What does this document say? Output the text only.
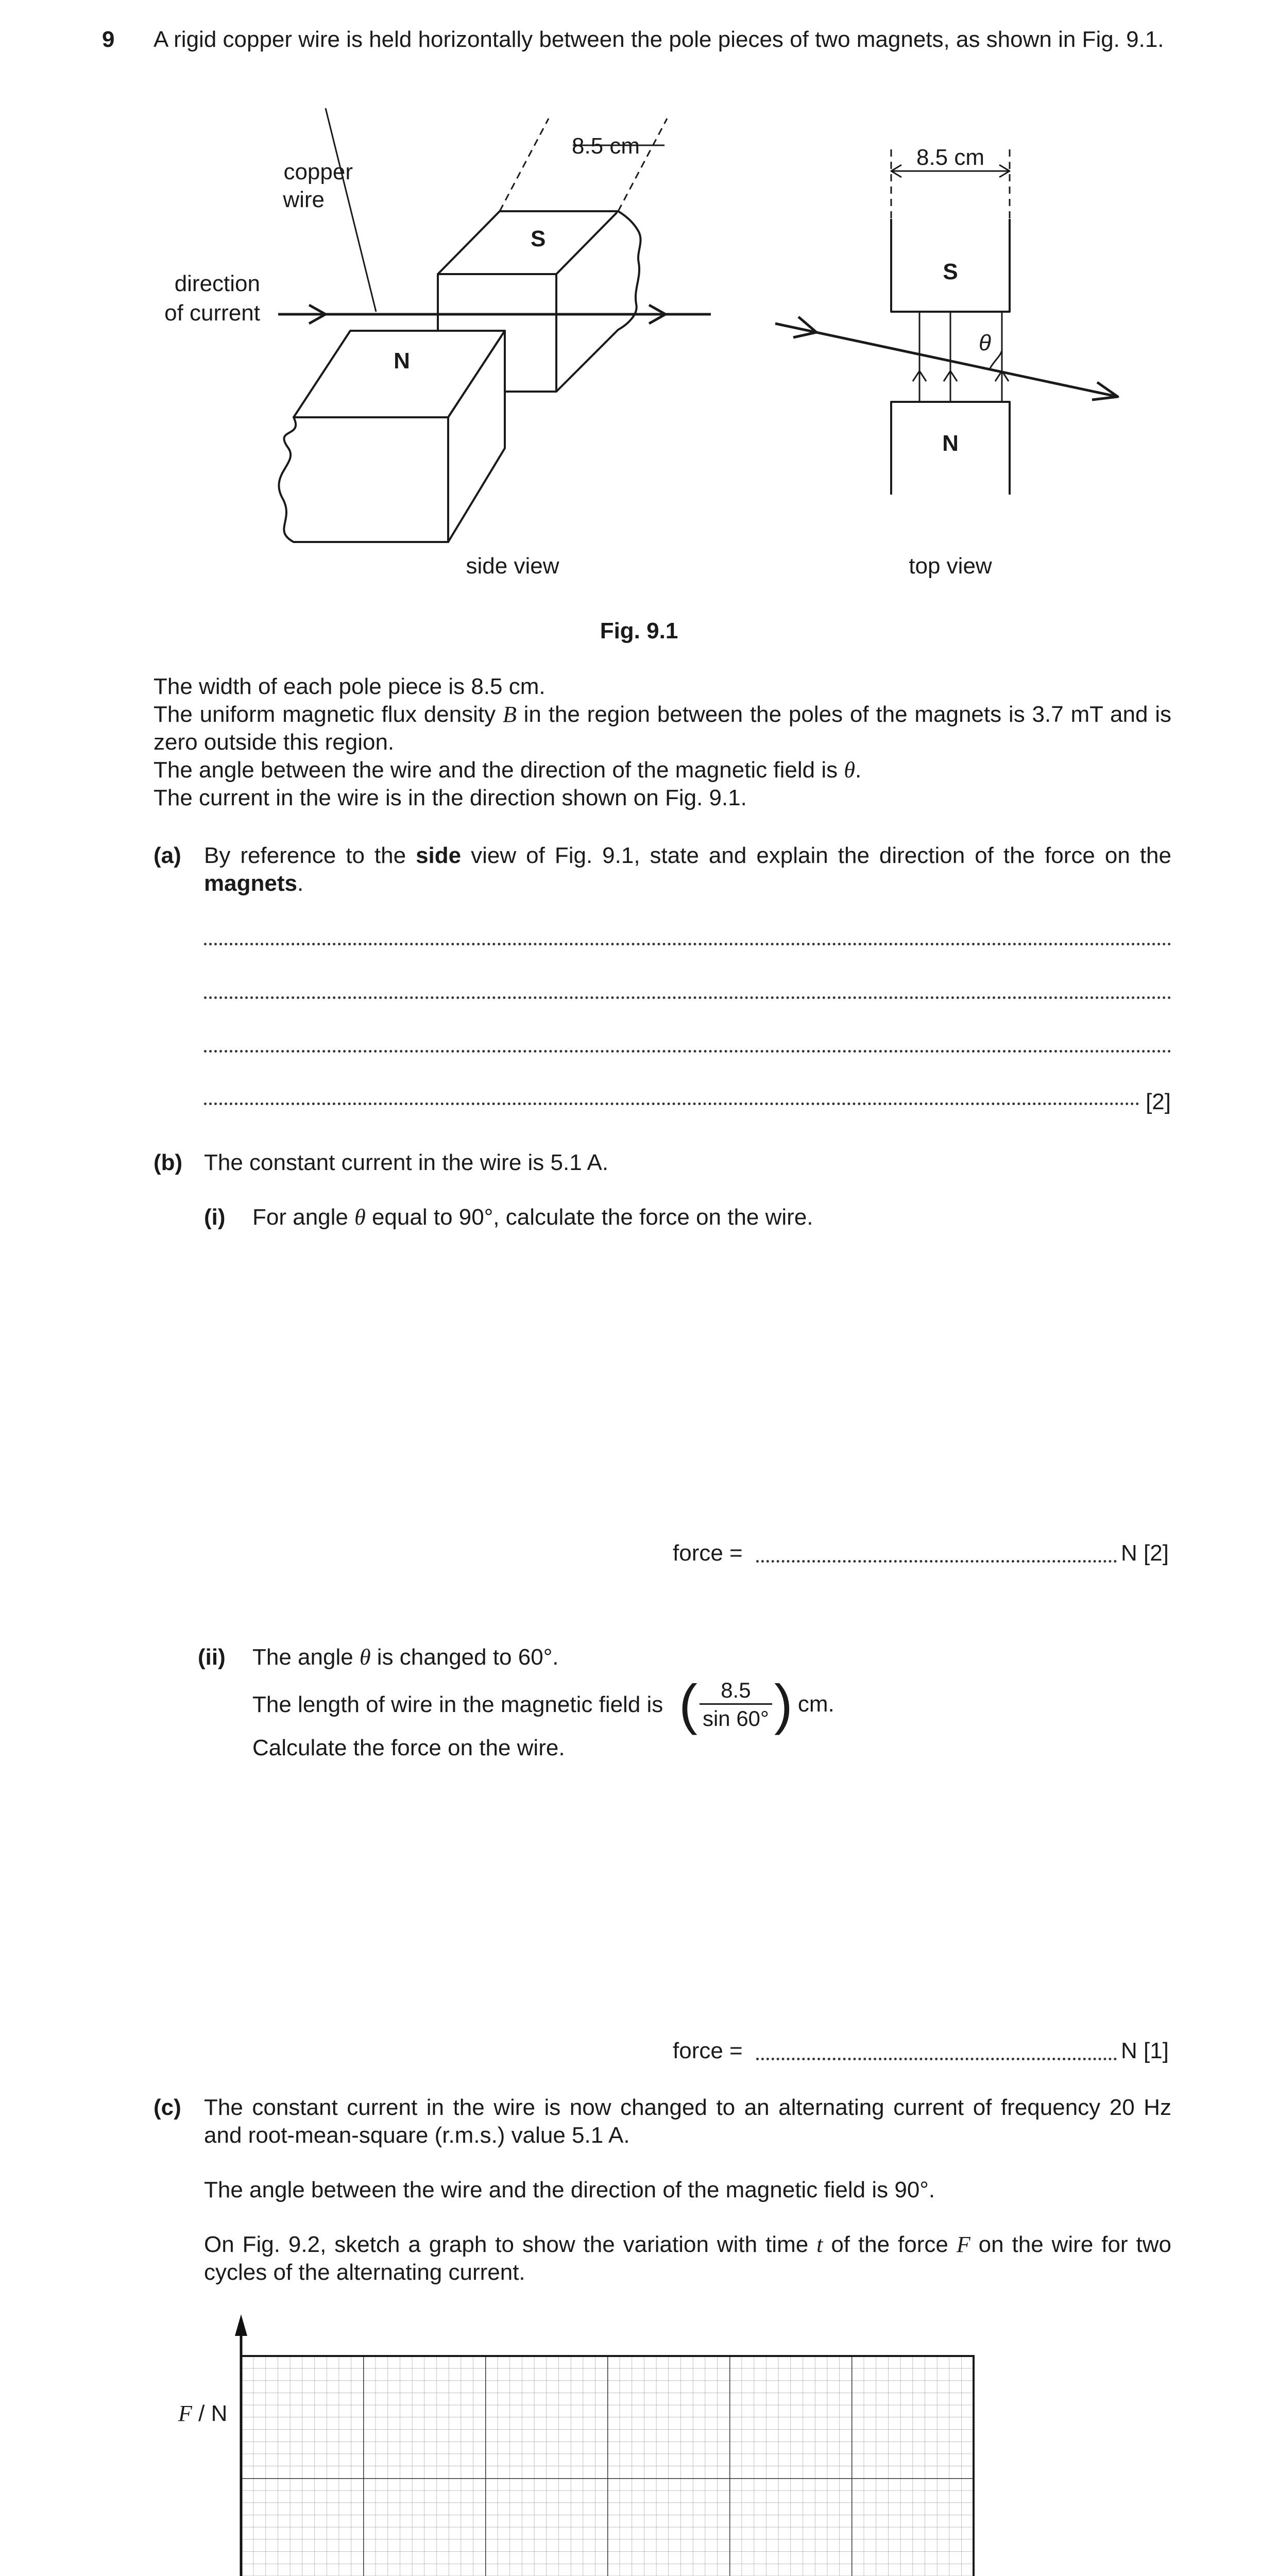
9 A rigid copper wire is held horizontally between the pole pieces of two magnets, as shown in Fig. 9.1.
8.5 cm
copper
wire
direction
of current
S
N
side view
8.5 cm
S
N
θ
top view
Fig. 9.1
The width of each pole piece is 8.5 cm.
The uniform magnetic flux density B in the region between the poles of the magnets is 3.7 mT and is zero outside this region.
The angle between the wire and the direction of the magnetic field is θ.
The current in the wire is in the direction shown on Fig. 9.1.
(a) By reference to the side view of Fig. 9.1, state and explain the direction of the force on the magnets.
[2]
(b) The constant current in the wire is 5.1 A.
(i) For angle θ equal to 90°, calculate the force on the wire.
force =	N [2]
(ii) The angle θ is changed to 60°.
The length of wire in the magnetic field is ( $\frac{8.5}{\sin 60^\circ}$ ) cm.
Calculate the force on the wire.
force =	N [1]
(c) The constant current in the wire is now changed to an alternating current of frequency 20 Hz and root-mean-square (r.m.s.) value 5.1 A.
The angle between the wire and the direction of the magnetic field is 90°.
On Fig. 9.2, sketch a graph to show the variation with time t of the force F on the wire for two cycles of the alternating current.
F / N
